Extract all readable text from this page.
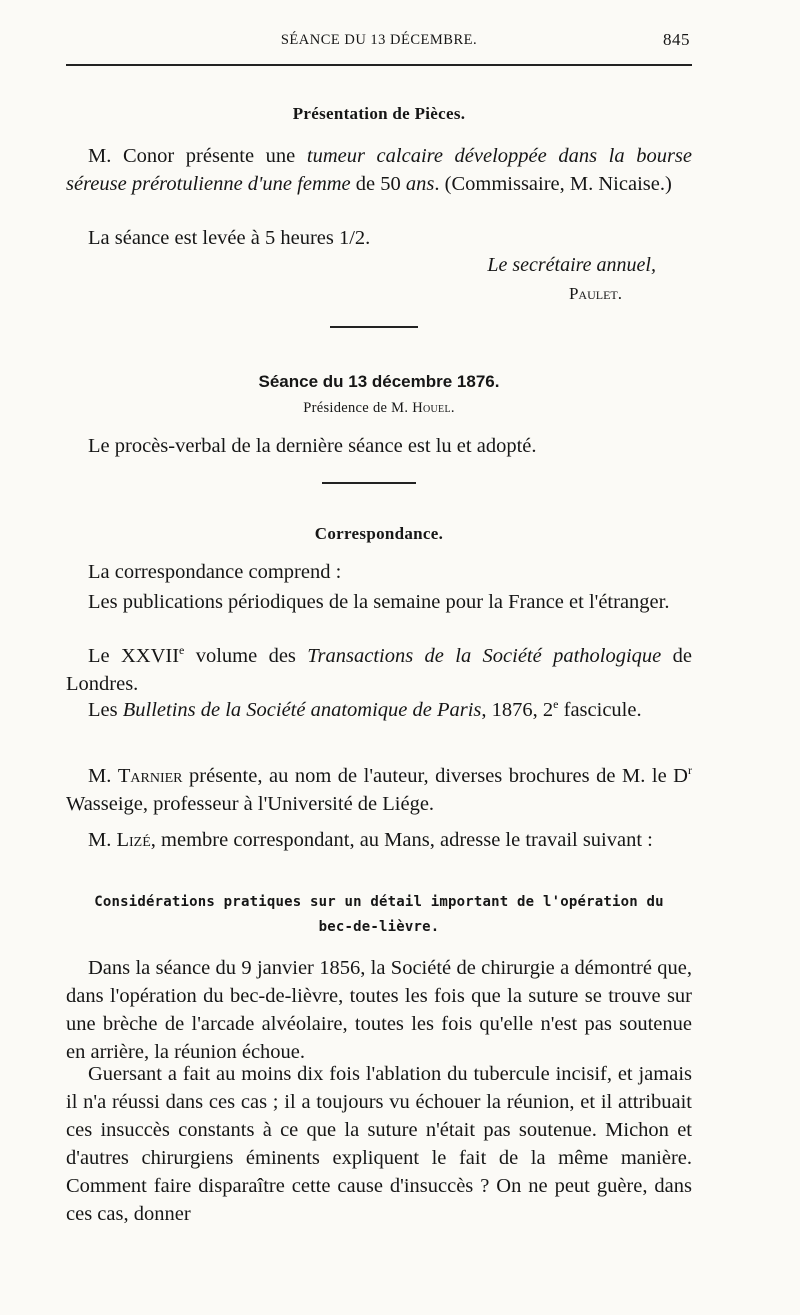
SÉANCE DU 13 DÉCEMBRE.	845
Présentation de Pièces.
M. Conor présente une tumeur calcaire développée dans la bourse séreuse prérotulienne d'une femme de 50 ans. (Commissaire, M. Nicaise.)
La séance est levée à 5 heures 1/2.
Le secrétaire annuel,
Paulet.
Séance du 13 décembre 1876.
Présidence de M. Houel.
Le procès-verbal de la dernière séance est lu et adopté.
Correspondance.
La correspondance comprend :
Les publications périodiques de la semaine pour la France et l'étranger.
Le XXVIIe volume des Transactions de la Société pathologique de Londres.
Les Bulletins de la Société anatomique de Paris, 1876, 2e fascicule.
M. Tarnier présente, au nom de l'auteur, diverses brochures de M. le $D^r$ Wasseige, professeur à l'Université de Liége.
M. Lizé, membre correspondant, au Mans, adresse le travail suivant :
Considérations pratiques sur un détail important de l'opération du
bec-de-lièvre.
Dans la séance du 9 janvier 1856, la Société de chirurgie a démontré que, dans l'opération du bec-de-lièvre, toutes les fois que la suture se trouve sur une brèche de l'arcade alvéolaire, toutes les fois qu'elle n'est pas soutenue en arrière, la réunion échoue.
Guersant a fait au moins dix fois l'ablation du tubercule incisif, et jamais il n'a réussi dans ces cas ; il a toujours vu échouer la réunion, et il attribuait ces insuccès constants à ce que la suture n'était pas soutenue. Michon et d'autres chirurgiens éminents expliquent le fait de la même manière. Comment faire disparaître cette cause d'insuccès ? On ne peut guère, dans ces cas, donner
